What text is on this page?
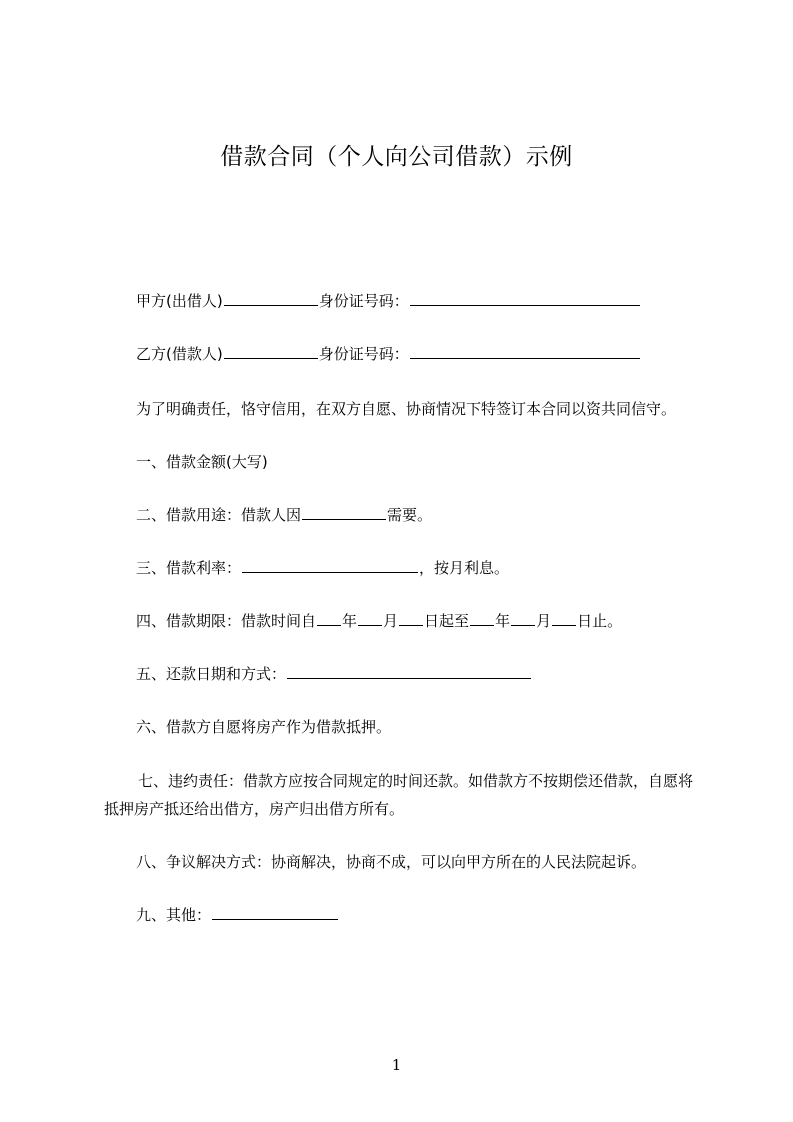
借款合同（个人向公司借款）示例
甲方(出借人)	身份证号码：
乙方(借款人)	身份证号码：
为了明确责任，恪守信用，在双方自愿、协商情况下特签订本合同以资共同信守。
一、借款金额(大写)
二、借款用途：借款人因	需要。
三、借款利率：	，按月利息。
四、借款期限：借款时间自 年 月 日起至 年 月 日止。
五、还款日期和方式：
六、借款方自愿将房产作为借款抵押。
七、违约责任：借款方应按合同规定的时间还款。如借款方不按期偿还借款，自愿将抵押房产抵还给出借方，房产归出借方所有。
八、争议解决方式：协商解决，协商不成，可以向甲方所在的人民法院起诉。
九、其他：
1
